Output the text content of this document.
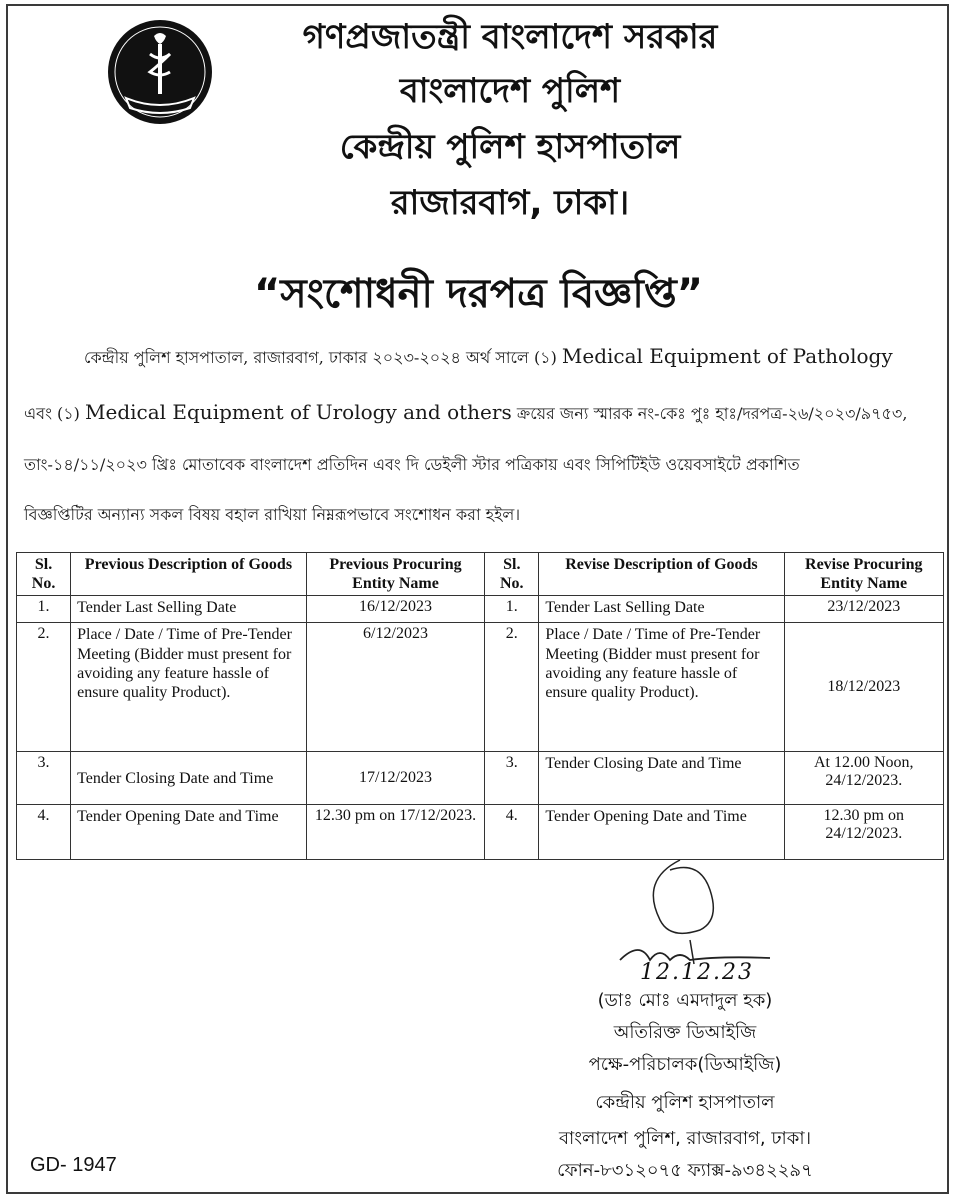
গণপ্রজাতন্ত্রী বাংলাদেশ সরকার
বাংলাদেশ পুলিশ
কেন্দ্রীয় পুলিশ হাসপাতাল
রাজারবাগ, ঢাকা।
“সংশোধনী দরপত্র বিজ্ঞপ্তি”
কেন্দ্রীয় পুলিশ হাসপাতাল, রাজারবাগ, ঢাকার ২০২৩-২০২৪ অর্থ সালে (১) Medical Equipment of Pathology
এবং (১) Medical Equipment of Urology and others ক্রয়ের জন্য স্মারক নং-কেঃ পুঃ হাঃ/দরপত্র-২৬/২০২৩/৯৭৫৩,
তাং-১৪/১১/২০২৩ খ্রিঃ মোতাবেক বাংলাদেশ প্রতিদিন এবং দি ডেইলী স্টার পত্রিকায় এবং সিপিটিইউ ওয়েবসাইটে প্রকাশিত
বিজ্ঞপ্তিটির অন্যান্য সকল বিষয় বহাল রাখিয়া নিম্নরূপভাবে সংশোধন করা হইল।
Sl. No.	Previous Description of Goods	Previous Procuring Entity Name	Sl. No.	Revise Description of Goods	Revise Procuring Entity Name
1.	Tender Last Selling Date	16/12/2023	1.	Tender Last Selling Date	23/12/2023
2.	Place / Date / Time of Pre-Tender Meeting (Bidder must present for avoiding any feature hassle of ensure quality Product).	6/12/2023	2.	Place / Date / Time of Pre-Tender Meeting (Bidder must present for avoiding any feature hassle of ensure quality Product).	18/12/2023
3.	Tender Closing Date and Time	17/12/2023	3.	Tender Closing Date and Time	At 12.00 Noon, 24/12/2023.
4.	Tender Opening Date and Time	12.30 pm on 17/12/2023.	4.	Tender Opening Date and Time	12.30 pm on 24/12/2023.
12.12.23
(ডাঃ মোঃ এমদাদুল হক)
অতিরিক্ত ডিআইজি
পক্ষে-পরিচালক(ডিআইজি)
কেন্দ্রীয় পুলিশ হাসপাতাল
বাংলাদেশ পুলিশ, রাজারবাগ, ঢাকা।
ফোন-৮৩১২০৭৫ ফ্যাক্স-৯৩৪২২৯৭
GD- 1947
